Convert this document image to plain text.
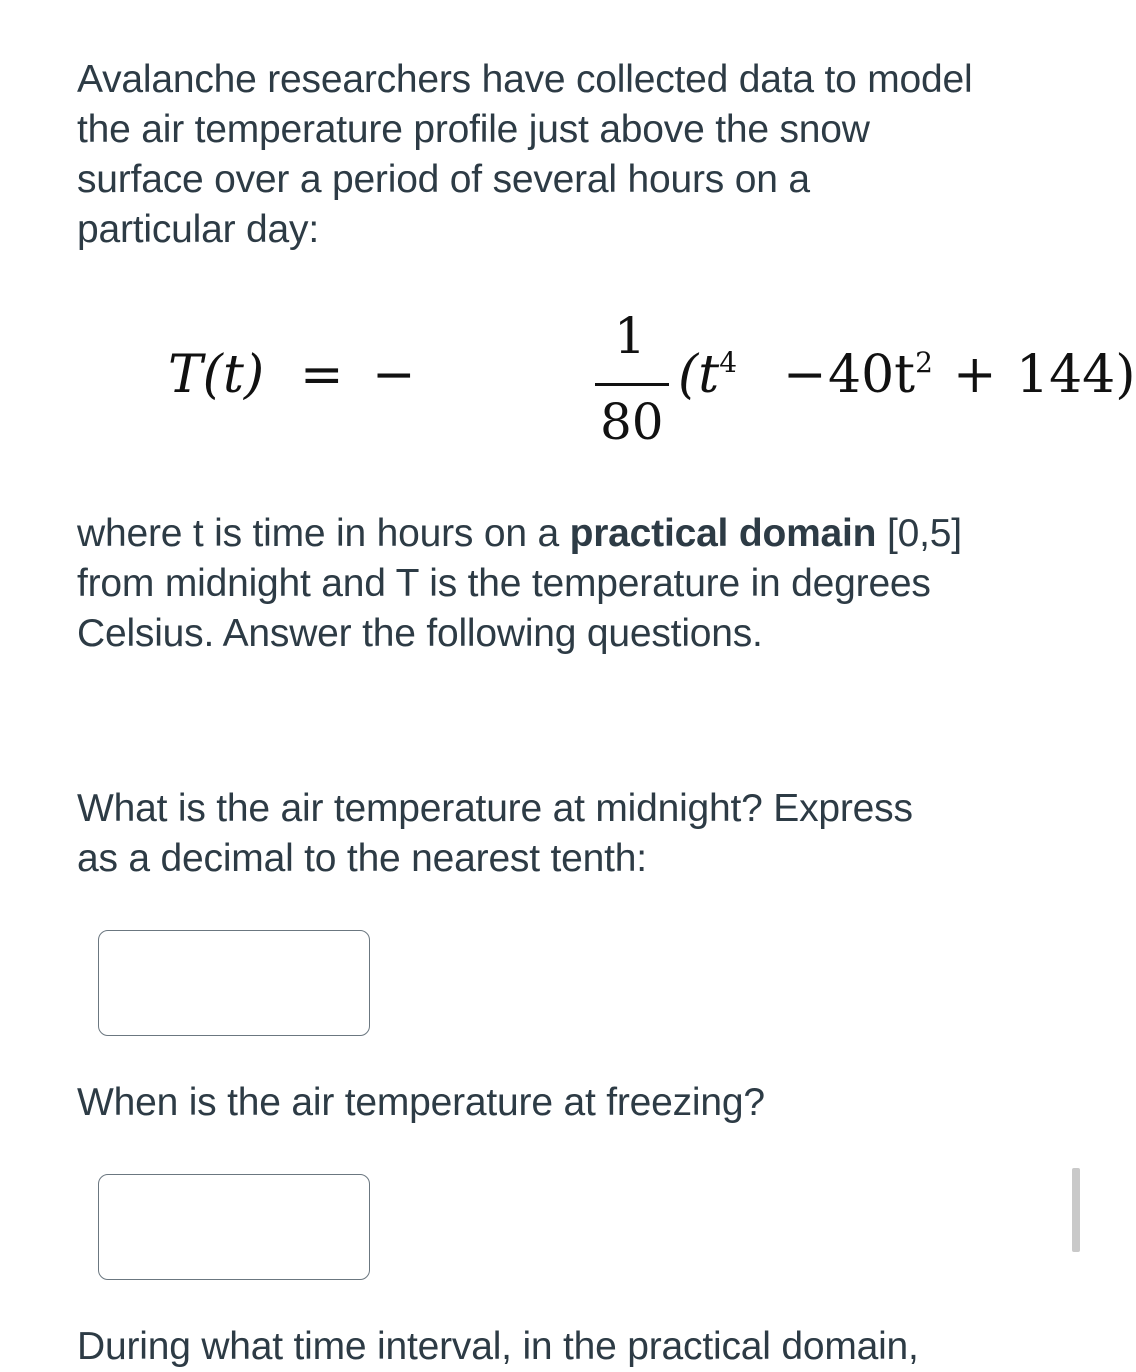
Avalanche researchers have collected data to model
the air temperature profile just above the snow
surface over a period of several hours on a
particular day:
T(t) = −
1
80
$(t^4 - 40t^2 + 144)$
where t is time in hours on a practical domain [0,5]
from midnight and T is the temperature in degrees
Celsius. Answer the following questions.
What is the air temperature at midnight? Express
as a decimal to the nearest tenth:
When is the air temperature at freezing?
During what time interval, in the practical domain,
